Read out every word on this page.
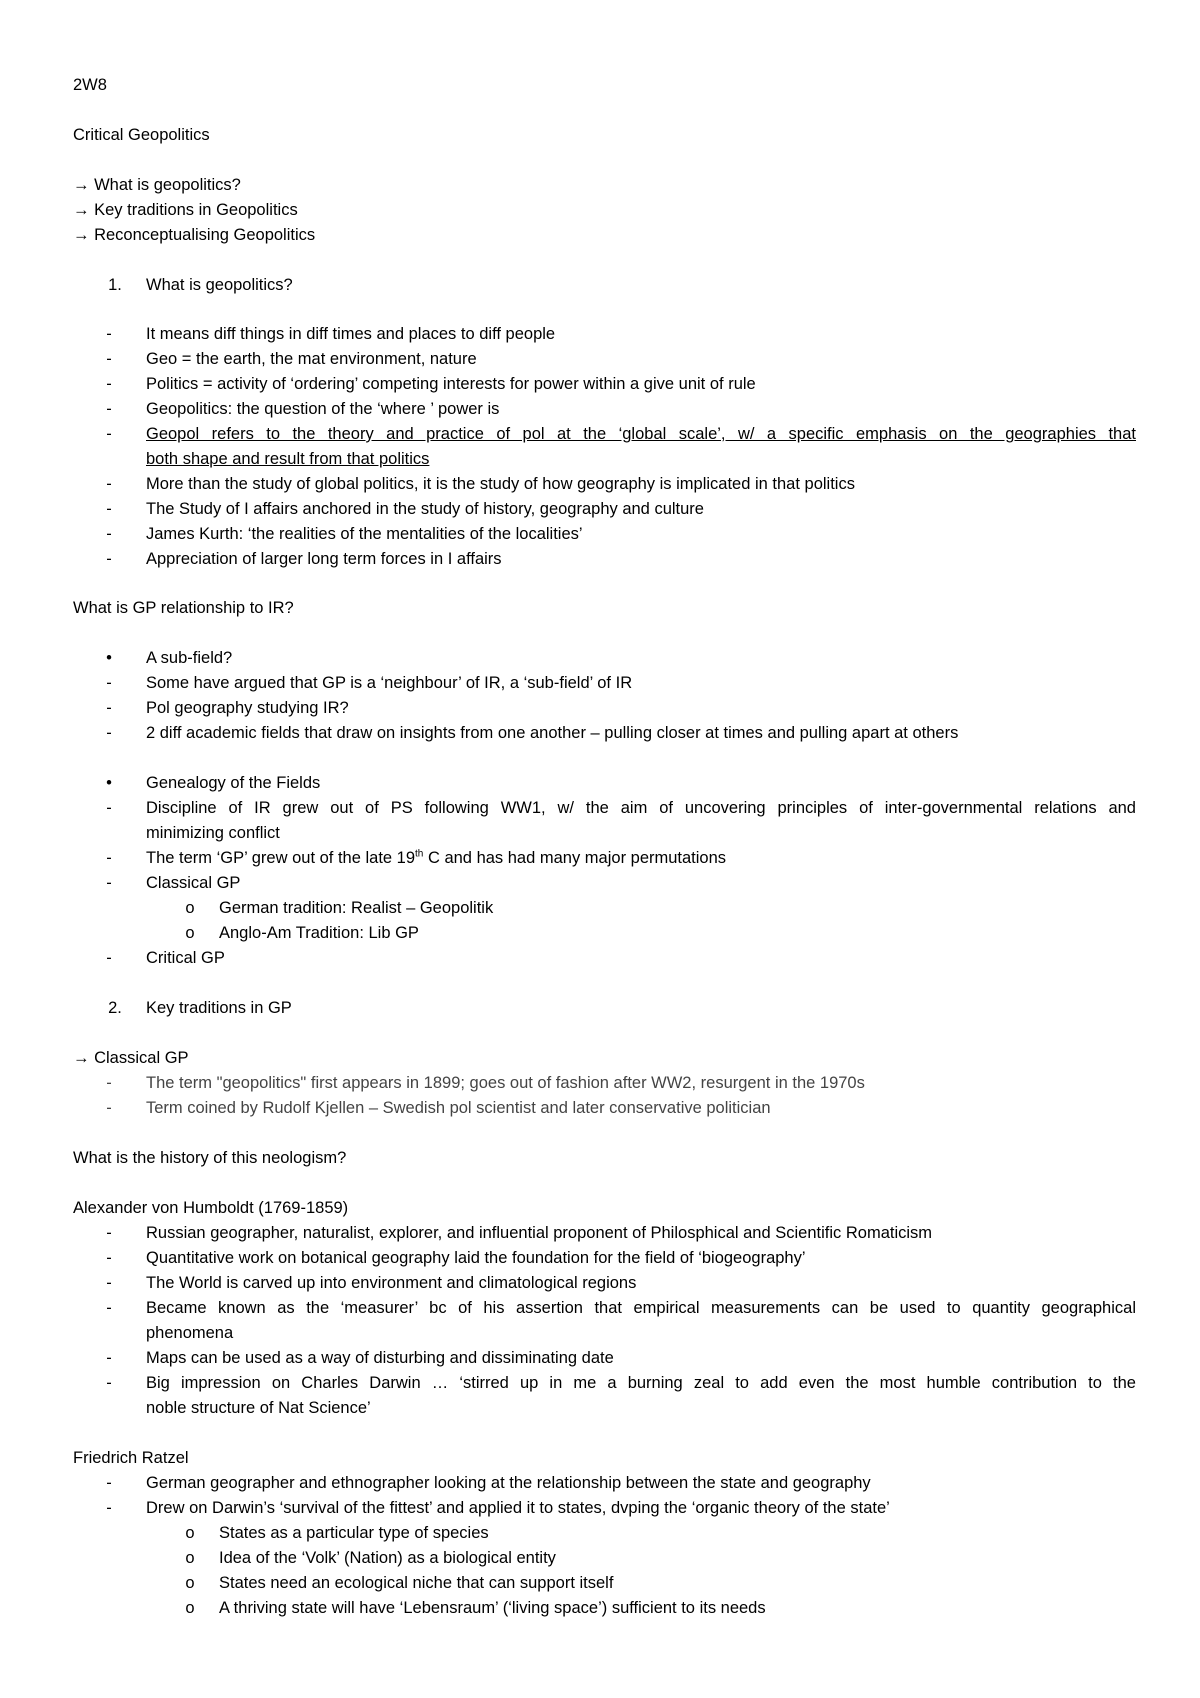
2W8
Critical Geopolitics
→ What is geopolitics?
→ Key traditions in Geopolitics
→ Reconceptualising Geopolitics
1.	What is geopolitics?
-	It means diff things in diff times and places to diff people
-	Geo = the earth, the mat environment, nature
-	Politics = activity of ‘ordering’ competing interests for power within a give unit of rule
-	Geopolitics: the question of the ‘where ’ power is
-	Geopol refers to the theory and practice of pol at the ‘global scale’, w/ a specific emphasis on the geographies that
both shape and result from that politics
-	More than the study of global politics, it is the study of how geography is implicated in that politics
-	The Study of I affairs anchored in the study of history, geography and culture
-	James Kurth: ‘the realities of the mentalities of the localities’
-	Appreciation of larger long term forces in I affairs
What is GP relationship to IR?
•	A sub-field?
-	Some have argued that GP is a ‘neighbour’ of IR, a ‘sub-field’ of IR
-	Pol geography studying IR?
-	2 diff academic fields that draw on insights from one another – pulling closer at times and pulling apart at others
•	Genealogy of the Fields
-	Discipline of IR grew out of PS following WW1, w/ the aim of uncovering principles of inter-governmental relations and
minimizing conflict
-	The term ‘GP’ grew out of the late 19th C and has had many major permutations
-	Classical GP
o	German tradition: Realist – Geopolitik
o	Anglo-Am Tradition: Lib GP
-	Critical GP
2.	Key traditions in GP
→ Classical GP
-	The term "geopolitics" first appears in 1899; goes out of fashion after WW2, resurgent in the 1970s
-	Term coined by Rudolf Kjellen – Swedish pol scientist and later conservative politician
What is the history of this neologism?
Alexander von Humboldt (1769-1859)
-	Russian geographer, naturalist, explorer, and influential proponent of Philosphical and Scientific Romaticism
-	Quantitative work on botanical geography laid the foundation for the field of ‘biogeography’
-	The World is carved up into environment and climatological regions
-	Became known as the ‘measurer’ bc of his assertion that empirical measurements can be used to quantity geographical
phenomena
-	Maps can be used as a way of disturbing and dissiminating date
-	Big impression on Charles Darwin … ‘stirred up in me a burning zeal to add even the most humble contribution to the
noble structure of Nat Science’
Friedrich Ratzel
-	German geographer and ethnographer looking at the relationship between the state and geography
-	Drew on Darwin’s ‘survival of the fittest’ and applied it to states, dvping the ‘organic theory of the state’
o	States as a particular type of species
o	Idea of the ‘Volk’ (Nation) as a biological entity
o	States need an ecological niche that can support itself
o	A thriving state will have ‘Lebensraum’ (‘living space’) sufficient to its needs
